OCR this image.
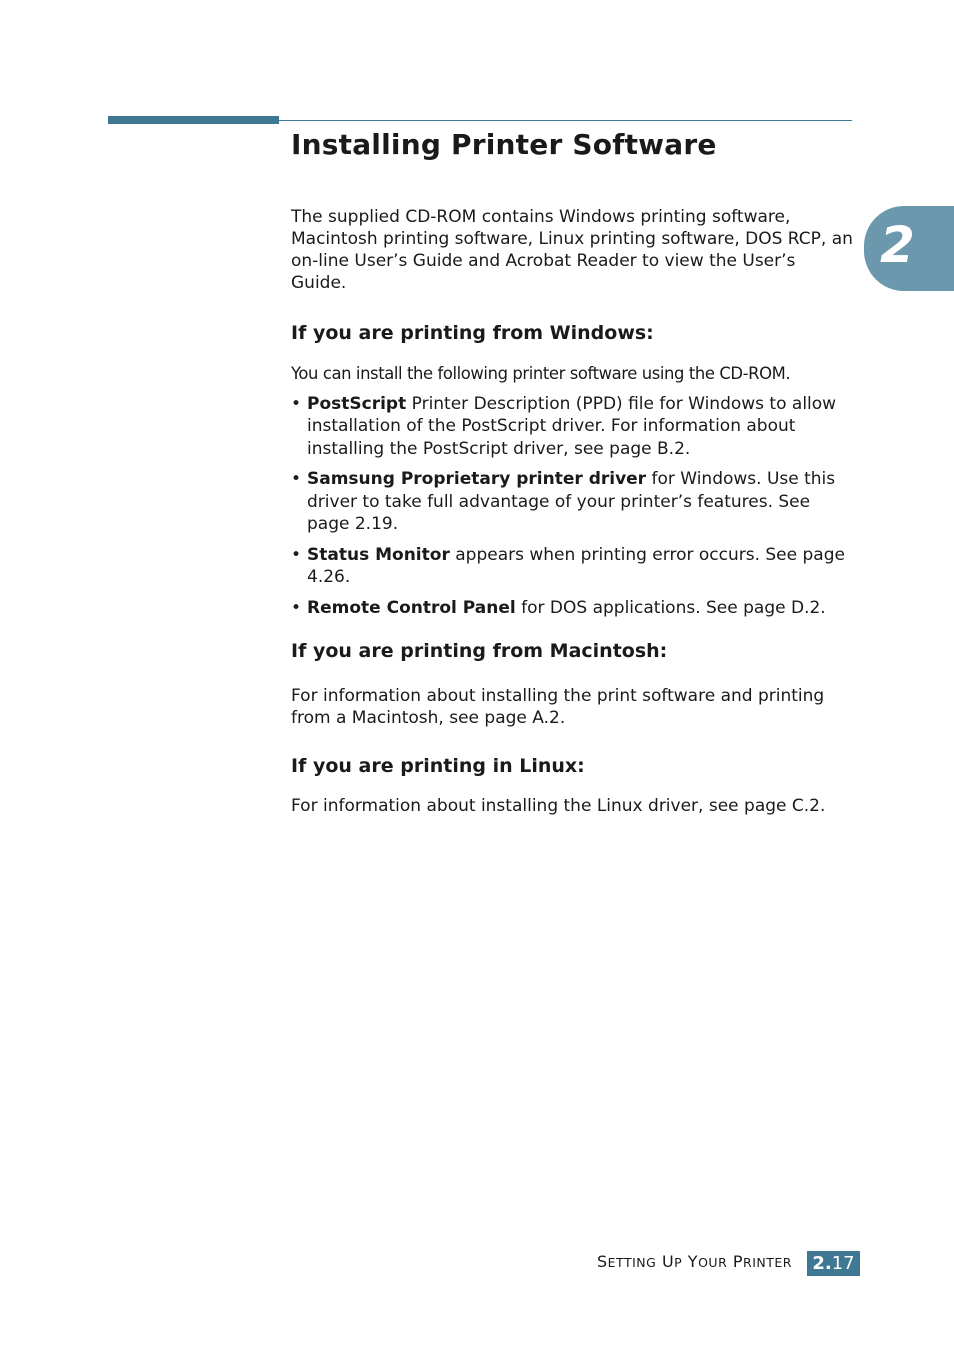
Installing Printer Software
2

The supplied CD-ROM contains Windows printing software, Macintosh printing software, Linux printing software, DOS RCP, an on-line User’s Guide and Acrobat Reader to view the User’s Guide.

If you are printing from Windows:

You can install the following printer software using the CD-ROM.

• PostScript Printer Description (PPD) file for Windows to allow installation of the PostScript driver. For information about installing the PostScript driver, see page B.2.
• Samsung Proprietary printer driver for Windows. Use this driver to take full advantage of your printer’s features. See page 2.19.
• Status Monitor appears when printing error occurs. See page 4.26.
• Remote Control Panel for DOS applications. See page D.2.
If you are printing from Macintosh:

For information about installing the print software and printing from a Macintosh, see page A.2.

If you are printing in Linux:

For information about installing the Linux driver, see page C.2.

SETTING UP YOUR PRINTER 2.17
